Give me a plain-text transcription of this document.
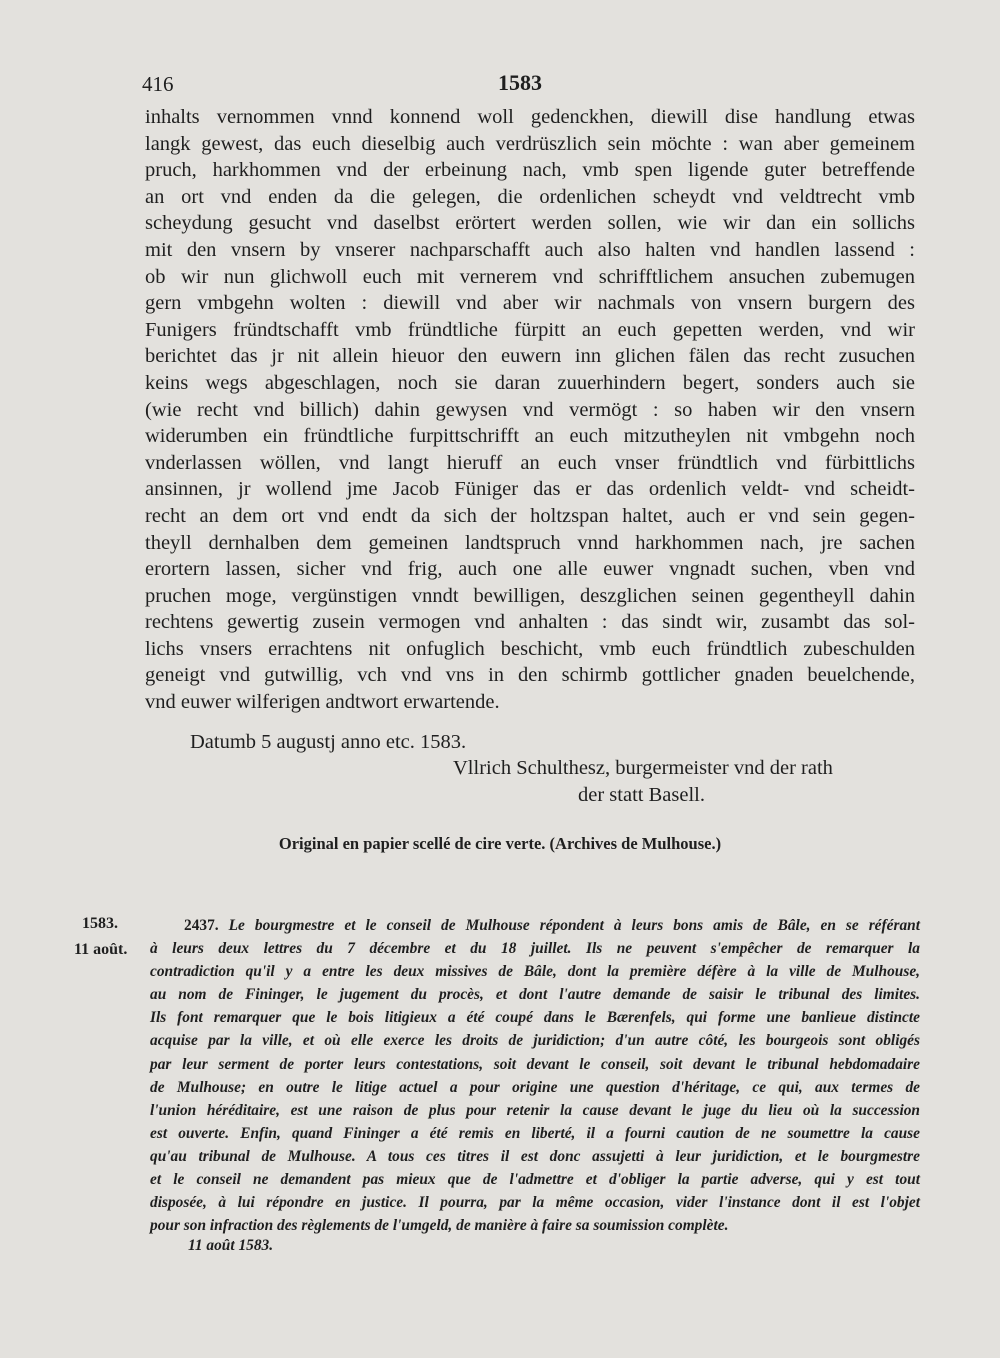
416	1583
inhalts vernommen vnnd konnend woll gedenckhen, diewill dise handlung etwas
langk gewest, das euch dieselbig auch verdrüszlich sein möchte : wan aber gemeinem
pruch, harkhommen vnd der erbeinung nach, vmb spen ligende guter betreffende
an ort vnd enden da die gelegen, die ordenlichen scheydt vnd veldtrecht vmb
scheydung gesucht vnd daselbst erörtert werden sollen, wie wir dan ein sollichs
mit den vnsern by vnserer nachparschafft auch also halten vnd handlen lassend :
ob wir nun glichwoll euch mit vernerem vnd schrifftlichem ansuchen zubemugen
gern vmbgehn wolten : diewill vnd aber wir nachmals von vnsern burgern des
Funigers fründtschafft vmb fründtliche fürpitt an euch gepetten werden, vnd wir
berichtet das jr nit allein hieuor den euwern inn glichen fälen das recht zusuchen
keins wegs abgeschlagen, noch sie daran zuuerhindern begert, sonders auch sie
(wie recht vnd billich) dahin gewysen vnd vermögt : so haben wir den vnsern
widerumben ein fründtliche furpittschrifft an euch mitzutheylen nit vmbgehn noch
vnderlassen wöllen, vnd langt hieruff an euch vnser fründtlich vnd fürbittlichs
ansinnen, jr wollend jme Jacob Füniger das er das ordenlich veldt- vnd scheidt-
recht an dem ort vnd endt da sich der holtzspan haltet, auch er vnd sein gegen-
theyll dernhalben dem gemeinen landtspruch vnnd harkhommen nach, jre sachen
erortern lassen, sicher vnd frig, auch one alle euwer vngnadt suchen, vben vnd
pruchen moge, vergünstigen vnndt bewilligen, deszglichen seinen gegentheyll dahin
rechtens gewertig zusein vermogen vnd anhalten : das sindt wir, zusambt das sol-
lichs vnsers errachtens nit onfuglich beschicht, vmb euch fründtlich zubeschulden
geneigt vnd gutwillig, vch vnd vns in den schirmb gottlicher gnaden beuelchende,
vnd euwer wilferigen andtwort erwartende.
Datumb 5 augustj anno etc. 1583.
Vllrich Schulthesz, burgermeister vnd der rath
der statt Basell.
Original en papier scellé de cire verte. (Archives de Mulhouse.)
1583.
11 août.
2437. Le bourgmestre et le conseil de Mulhouse répondent à leurs bons amis de Bâle, en se référant
à leurs deux lettres du 7 décembre et du 18 juillet. Ils ne peuvent s'empêcher de remarquer la
contradiction qu'il y a entre les deux missives de Bâle, dont la première défère à la ville de Mulhouse,
au nom de Fininger, le jugement du procès, et dont l'autre demande de saisir le tribunal des limites.
Ils font remarquer que le bois litigieux a été coupé dans le Bærenfels, qui forme une banlieue distincte
acquise par la ville, et où elle exerce les droits de juridiction; d'un autre côté, les bourgeois sont obligés
par leur serment de porter leurs contestations, soit devant le conseil, soit devant le tribunal hebdomadaire
de Mulhouse; en outre le litige actuel a pour origine une question d'héritage, ce qui, aux termes de
l'union héréditaire, est une raison de plus pour retenir la cause devant le juge du lieu où la succession
est ouverte. Enfin, quand Fininger a été remis en liberté, il a fourni caution de ne soumettre la cause
qu'au tribunal de Mulhouse. A tous ces titres il est donc assujetti à leur juridiction, et le bourgmestre
et le conseil ne demandent pas mieux que de l'admettre et d'obliger la partie adverse, qui y est tout
disposée, à lui répondre en justice. Il pourra, par la même occasion, vider l'instance dont il est l'objet
pour son infraction des règlements de l'umgeld, de manière à faire sa soumission complète.
11 août 1583.
